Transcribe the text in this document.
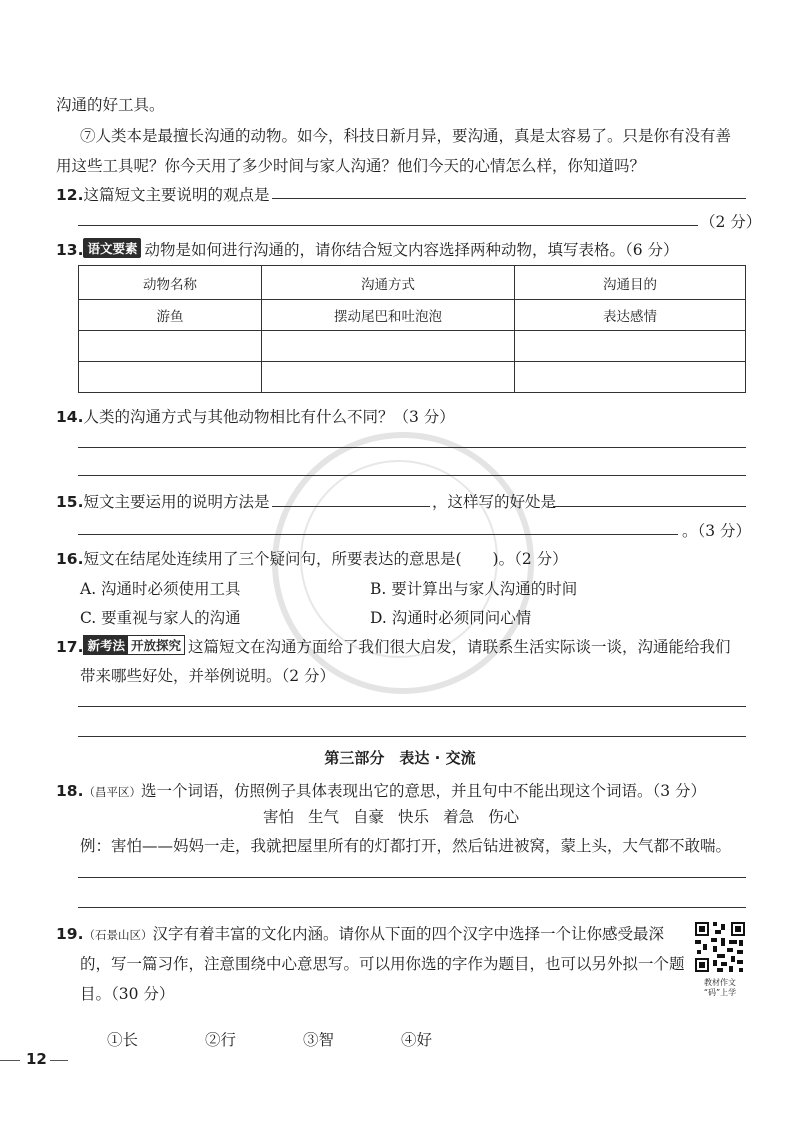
沟通的好工具。
⑦人类本是最擅长沟通的动物。如今，科技日新月异，要沟通，真是太容易了。只是你有没有善
用这些工具呢？你今天用了多少时间与家人沟通？他们今天的心情怎么样，你知道吗？
12.这篇短文主要说明的观点是
（2 分）
13. 语文要素 动物是如何进行沟通的，请你结合短文内容选择两种动物，填写表格。（6 分）
动物名称	沟通方式	沟通目的
游鱼	摆动尾巴和吐泡泡	表达感情

14.人类的沟通方式与其他动物相比有什么不同？（3 分）
15.短文主要运用的说明方法是	，这样写的好处是
。（3 分）
16.短文在结尾处连续用了三个疑问句，所要表达的意思是(　　)。（2 分）
A. 沟通时必须使用工具	B. 要计算出与家人沟通的时间
C. 要重视与家人的沟通	D. 沟通时必须同问心情
17. 新考法 开放探究 这篇短文在沟通方面给了我们很大启发，请联系生活实际谈一谈，沟通能给我们
带来哪些好处，并举例说明。（2 分）
第三部分　表达 · 交流
18.（昌平区）选一个词语，仿照例子具体表现出它的意思，并且句中不能出现这个词语。（3 分）
害怕 生气 自豪 快乐 着急 伤心
例：害怕——妈妈一走，我就把屋里所有的灯都打开，然后钻进被窝，蒙上头，大气都不敢喘。
19.（石景山区）汉字有着丰富的文化内涵。请你从下面的四个汉字中选择一个让你感受最深
的，写一篇习作，注意围绕中心意思写。可以用你选的字作为题目，也可以另外拟一个题
目。（30 分）
①长	②行	③智	④好
教材作文
“码”上学
12
